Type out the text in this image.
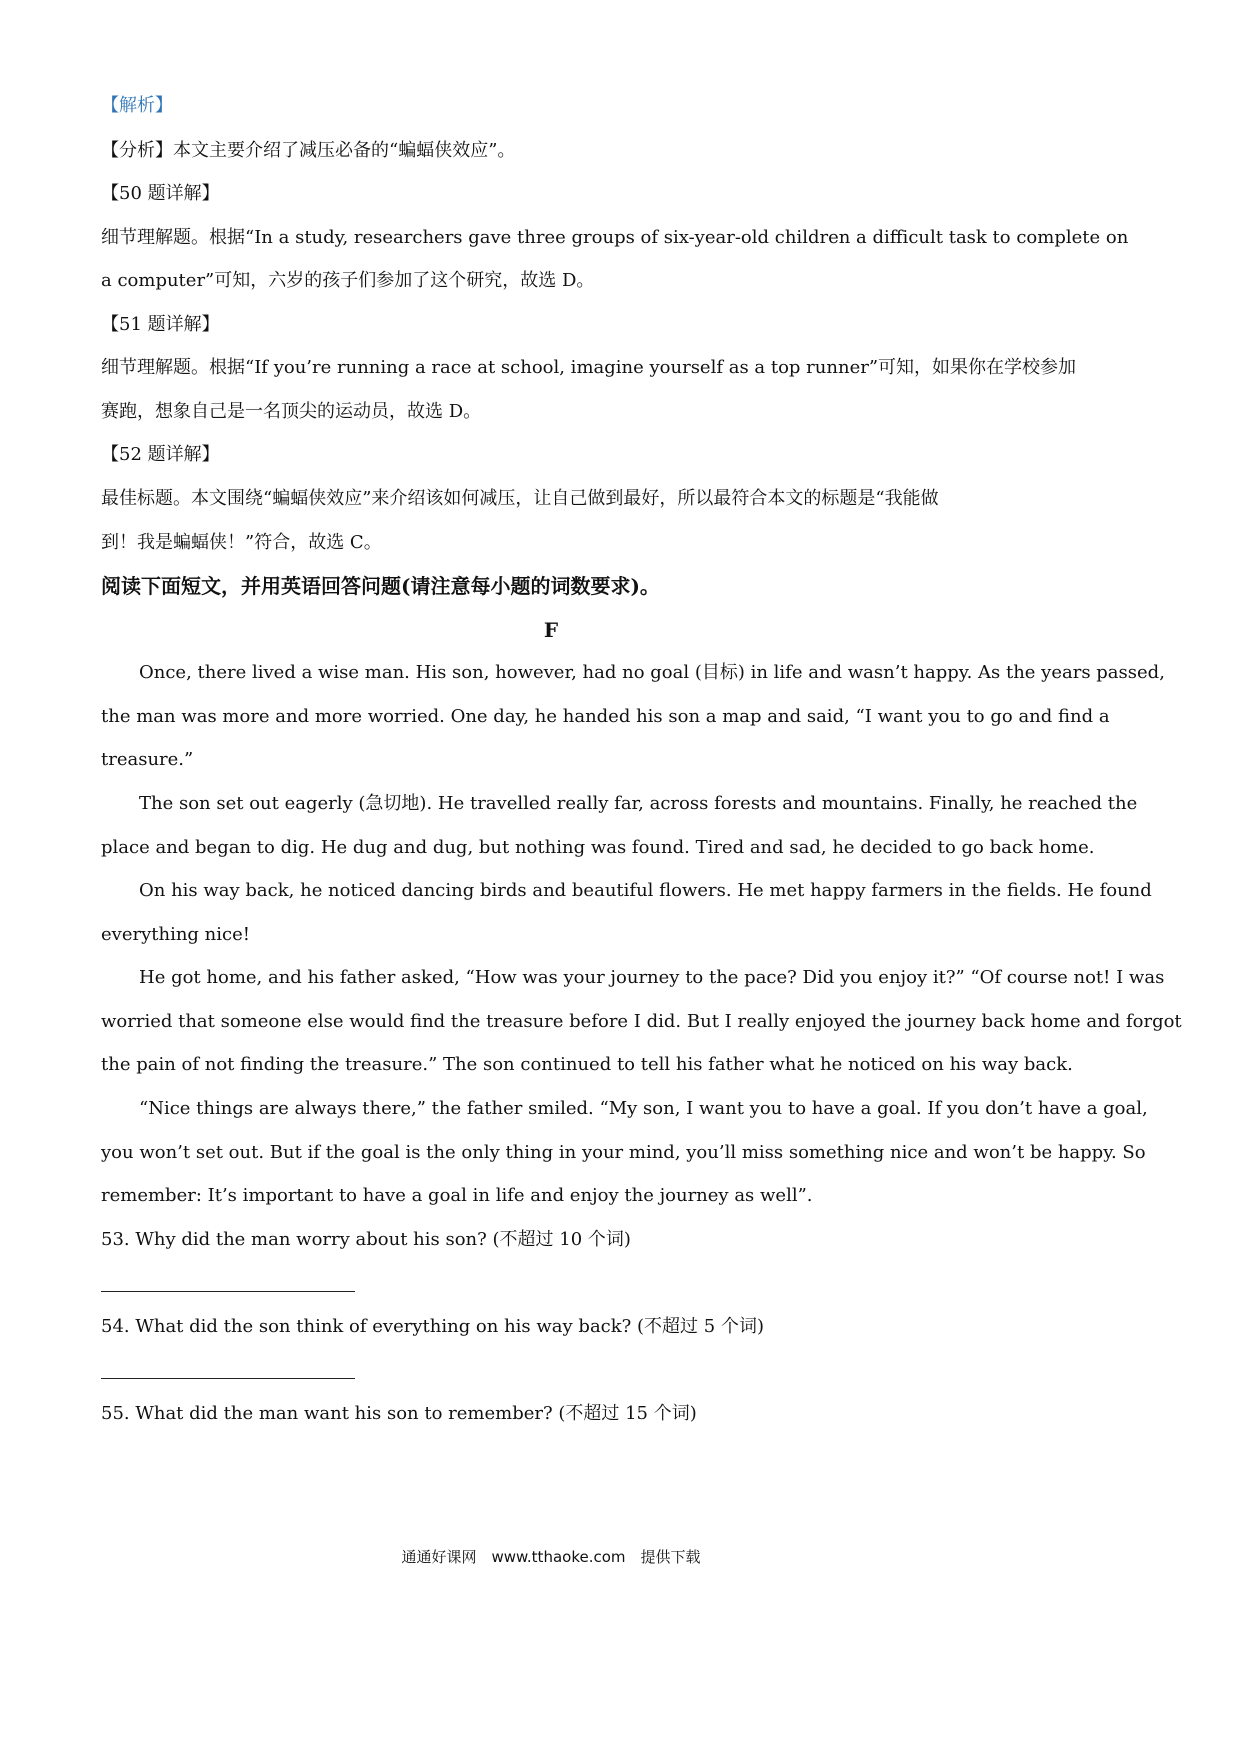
【解析】
【分析】本文主要介绍了减压必备的“蝙蝠侠效应”。
【50 题详解】
细节理解题。根据“In a study, researchers gave three groups of six-year-old children a difficult task to complete on
a computer”可知，六岁的孩子们参加了这个研究，故选 D。
【51 题详解】
细节理解题。根据“If you’re running a race at school, imagine yourself as a top runner”可知，如果你在学校参加
赛跑，想象自己是一名顶尖的运动员，故选 D。
【52 题详解】
最佳标题。本文围绕“蝙蝠侠效应”来介绍该如何减压，让自己做到最好，所以最符合本文的标题是“我能做
到！我是蝙蝠侠！”符合，故选 C。
阅读下面短文，并用英语回答问题(请注意每小题的词数要求)。
F
Once, there lived a wise man. His son, however, had no goal (目标) in life and wasn’t happy. As the years passed,
the man was more and more worried. One day, he handed his son a map and said, “I want you to go and find a
treasure.”
The son set out eagerly (急切地). He travelled really far, across forests and mountains. Finally, he reached the
place and began to dig. He dug and dug, but nothing was found. Tired and sad, he decided to go back home.
On his way back, he noticed dancing birds and beautiful flowers. He met happy farmers in the fields. He found
everything nice!
He got home, and his father asked, “How was your journey to the pace? Did you enjoy it?” “Of course not! I was
worried that someone else would find the treasure before I did. But I really enjoyed the journey back home and forgot
the pain of not finding the treasure.” The son continued to tell his father what he noticed on his way back.
“Nice things are always there,” the father smiled. “My son, I want you to have a goal. If you don’t have a goal,
you won’t set out. But if the goal is the only thing in your mind, you’ll miss something nice and won’t be happy. So
remember: It’s important to have a goal in life and enjoy the journey as well”.
53. Why did the man worry about his son? (不超过 10 个词)
54. What did the son think of everything on his way back? (不超过 5 个词)
55. What did the man want his son to remember? (不超过 15 个词)
通通好课网　www.tthaoke.com　提供下载
